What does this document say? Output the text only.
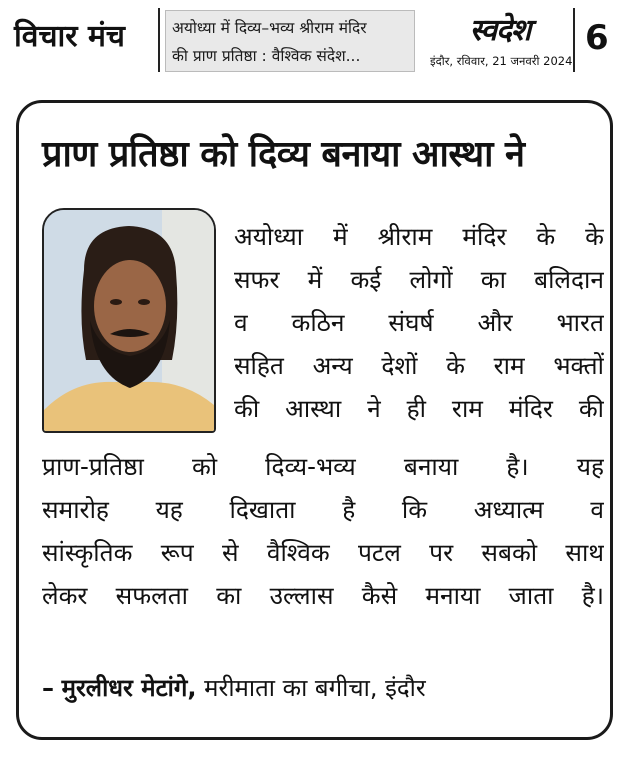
विचार मंच	अयोध्या में दिव्य–भव्य श्रीराम मंदिर
की प्राण प्रतिष्ठा : वैश्विक संदेश...
स्वदेश
इंदौर, रविवार, 21 जनवरी 2024
6
प्राण प्रतिष्ठा को दिव्य बनाया आस्था ने
अयोध्या में श्रीराम मंदिर के के
सफर में कई लोगों का बलिदान
व कठिन संघर्ष और भारत
सहित अन्य देशों के राम भक्तों
की आस्था ने ही राम मंदिर की
प्राण-प्रतिष्ठा को दिव्य-भव्य बनाया है। यह
समारोह यह दिखाता है कि अध्यात्म व
सांस्कृतिक रूप से वैश्विक पटल पर सबको साथ
लेकर सफलता का उल्लास कैसे मनाया जाता है।
– मुरलीधर मेटांगे, मरीमाता का बगीचा, इंदौर
